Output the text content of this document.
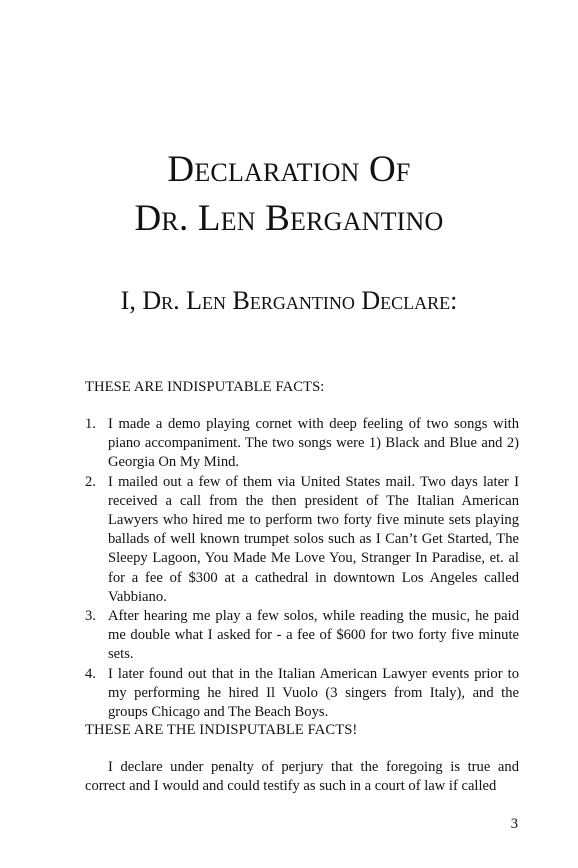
Declaration Of
Dr. Len Bergantino
I, Dr. Len Bergantino Declare:

THESE ARE INDISPUTABLE FACTS:

1. I made a demo playing cornet with deep feeling of two songs with piano accompaniment. The two songs were 1) Black and Blue and 2) Georgia On My Mind.
2. I mailed out a few of them via United States mail. Two days later I received a call from the then president of The Italian American Lawyers who hired me to perform two forty five minute sets playing ballads of well known trumpet solos such as I Can’t Get Started, The Sleepy Lagoon, You Made Me Love You, Stranger In Paradise, et. al for a fee of $300 at a cathedral in downtown Los Angeles called Vabbiano.
3. After hearing me play a few solos, while reading the music, he paid me double what I asked for - a fee of $600 for two forty five minute sets.
4. I later found out that in the Italian American Lawyer events prior to my performing he hired Il Vuolo (3 singers from Italy), and the groups Chicago and The Beach Boys.

THESE ARE THE INDISPUTABLE FACTS!

I declare under penalty of perjury that the foregoing is true and correct and I would and could testify as such in a court of law if called

3
